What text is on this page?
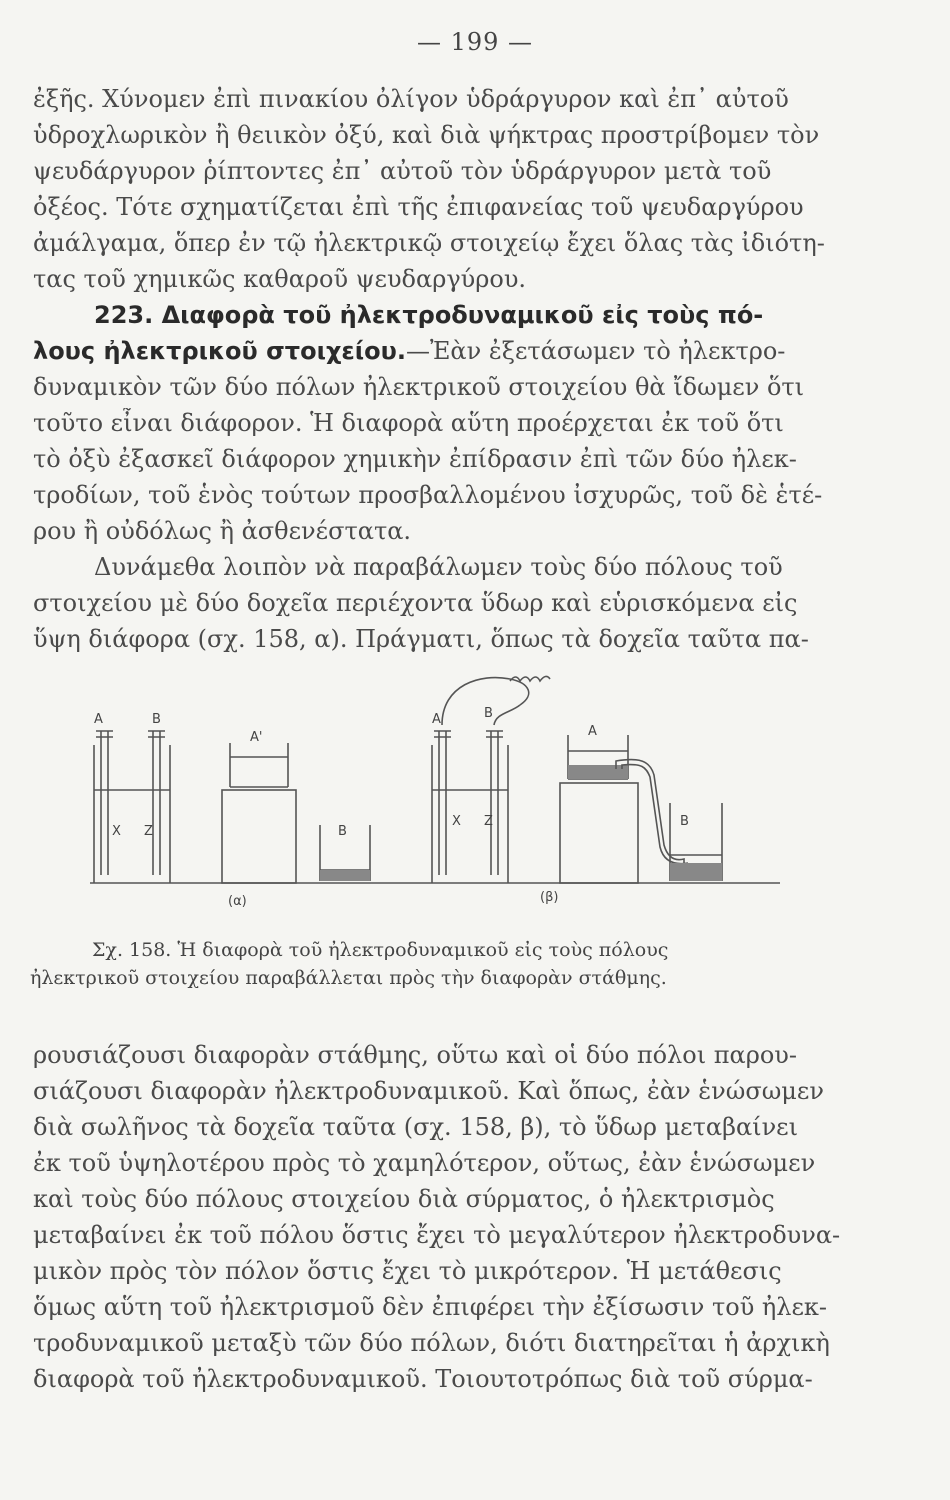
— 199 —
ἐξῆς. Χύνομεν ἐπὶ πινακίου ὀλίγον ὑδράργυρον καὶ ἐπ᾽ αὐτοῦ
ὑδροχλωρικὸν ἢ θειικὸν ὀξύ, καὶ διὰ ψήκτρας προστρίβομεν τὸν
ψευδάργυρον ῥίπτοντες ἐπ᾽ αὐτοῦ τὸν ὑδράργυρον μετὰ τοῦ
ὀξέος. Τότε σχηματίζεται ἐπὶ τῆς ἐπιφανείας τοῦ ψευδαργύρου
ἀμάλγαμα, ὅπερ ἐν τῷ ἠλεκτρικῷ στοιχείῳ ἔχει ὅλας τὰς ἰδιότη-
τας τοῦ χημικῶς καθαροῦ ψευδαργύρου.
223. Διαφορὰ τοῦ ἠλεκτροδυναμικοῦ εἰς τοὺς πό-
λους ἠλεκτρικοῦ στοιχείου.—Ἐὰν ἐξετάσωμεν τὸ ἠλεκτρο-
δυναμικὸν τῶν δύο πόλων ἠλεκτρικοῦ στοιχείου θὰ ἴδωμεν ὅτι
τοῦτο εἶναι διάφορον. Ἡ διαφορὰ αὕτη προέρχεται ἐκ τοῦ ὅτι
τὸ ὀξὺ ἐξασκεῖ διάφορον χημικὴν ἐπίδρασιν ἐπὶ τῶν δύο ἠλεκ-
τροδίων, τοῦ ἑνὸς τούτων προσβαλλομένου ἰσχυρῶς, τοῦ δὲ ἑτέ-
ρου ἢ οὐδόλως ἢ ἀσθενέστατα.
Δυνάμεθα λοιπὸν νὰ παραβάλωμεν τοὺς δύο πόλους τοῦ
στοιχείου μὲ δύο δοχεῖα περιέχοντα ὕδωρ καὶ εὑρισκόμενα εἰς
ὕψη διάφορα (σχ. 158, α). Πράγματι, ὅπως τὰ δοχεῖα ταῦτα πα-
A	B
A'
B
X Z
(α)
A	B
A
B
X Z
(β)
Σχ. 158. Ἡ διαφορὰ τοῦ ἠλεκτροδυναμικοῦ εἰς τοὺς πόλους
ἠλεκτρικοῦ στοιχείου παραβάλλεται πρὸς τὴν διαφορὰν στάθμης.
ρουσιάζουσι διαφορὰν στάθμης, οὕτω καὶ οἱ δύο πόλοι παρου-
σιάζουσι διαφορὰν ἠλεκτροδυναμικοῦ. Καὶ ὅπως, ἐὰν ἑνώσωμεν
διὰ σωλῆνος τὰ δοχεῖα ταῦτα (σχ. 158, β), τὸ ὕδωρ μεταβαίνει
ἐκ τοῦ ὑψηλοτέρου πρὸς τὸ χαμηλότερον, οὕτως, ἐὰν ἑνώσωμεν
καὶ τοὺς δύο πόλους στοιχείου διὰ σύρματος, ὁ ἠλεκτρισμὸς
μεταβαίνει ἐκ τοῦ πόλου ὅστις ἔχει τὸ μεγαλύτερον ἠλεκτροδυνα-
μικὸν πρὸς τὸν πόλον ὅστις ἔχει τὸ μικρότερον. Ἡ μετάθεσις
ὅμως αὕτη τοῦ ἠλεκτρισμοῦ δὲν ἐπιφέρει τὴν ἐξίσωσιν τοῦ ἠλεκ-
τροδυναμικοῦ μεταξὺ τῶν δύο πόλων, διότι διατηρεῖται ἡ ἀρχικὴ
διαφορὰ τοῦ ἠλεκτροδυναμικοῦ. Τοιουτοτρόπως διὰ τοῦ σύρμα-
